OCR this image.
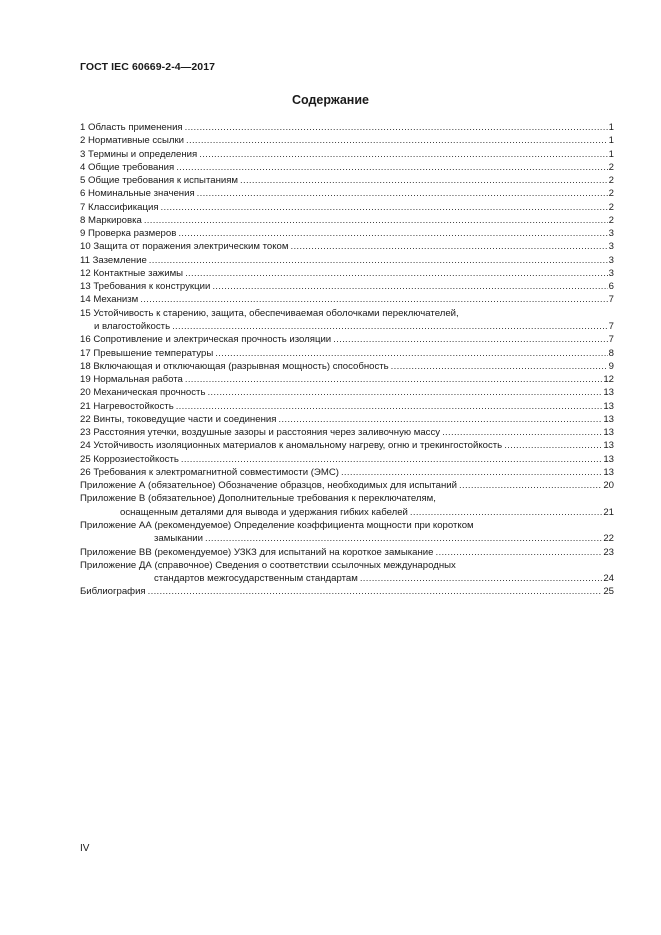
ГОСТ IEC 60669-2-4—2017
Содержание
1 Область применения .....	1
2 Нормативные ссылки .....	1
3 Термины и определения .....	1
4 Общие требования .....	2
5 Общие требования к испытаниям .....	2
6 Номинальные значения .....	2
7 Классификация .....	2
8 Маркировка .....	2
9 Проверка размеров .....	3
10 Защита от поражения электрическим током .....	3
11 Заземление .....	3
12 Контактные зажимы .....	3
13 Требования к конструкции .....	6
14 Механизм .....	7
15 Устойчивость к старению, защита, обеспечиваемая оболочками переключателей,
и влагостойкость .....	7
16 Сопротивление и электрическая прочность изоляции .....	7
17 Превышение температуры .....	8
18 Включающая и отключающая (разрывная мощность) способность .....	9
19 Нормальная работа .....	12
20 Механическая прочность .....	13
21 Нагревостойкость .....	13
22 Винты, токоведущие части и соединения .....	13
23 Расстояния утечки, воздушные зазоры и расстояния через заливочную массу .....	13
24 Устойчивость изоляционных материалов к аномальному нагреву, огню и трекингостойкость .....	13
25 Коррозиестойкость .....	13
26 Требования к электромагнитной совместимости (ЭМС) .....	13
Приложение А (обязательное) Обозначение образцов, необходимых для испытаний .....	20
Приложение В (обязательное) Дополнительные требования к переключателям,
оснащенным деталями для вывода и удержания гибких кабелей .....	21
Приложение АА (рекомендуемое) Определение коэффициента мощности при коротком
замыкании .....	22
Приложение ВВ (рекомендуемое) УЗКЗ для испытаний на короткое замыкание .....	23
Приложение ДА (справочное) Сведения о соответствии ссылочных международных
стандартов межгосударственным стандартам .....	24
Библиография .....	25
IV
